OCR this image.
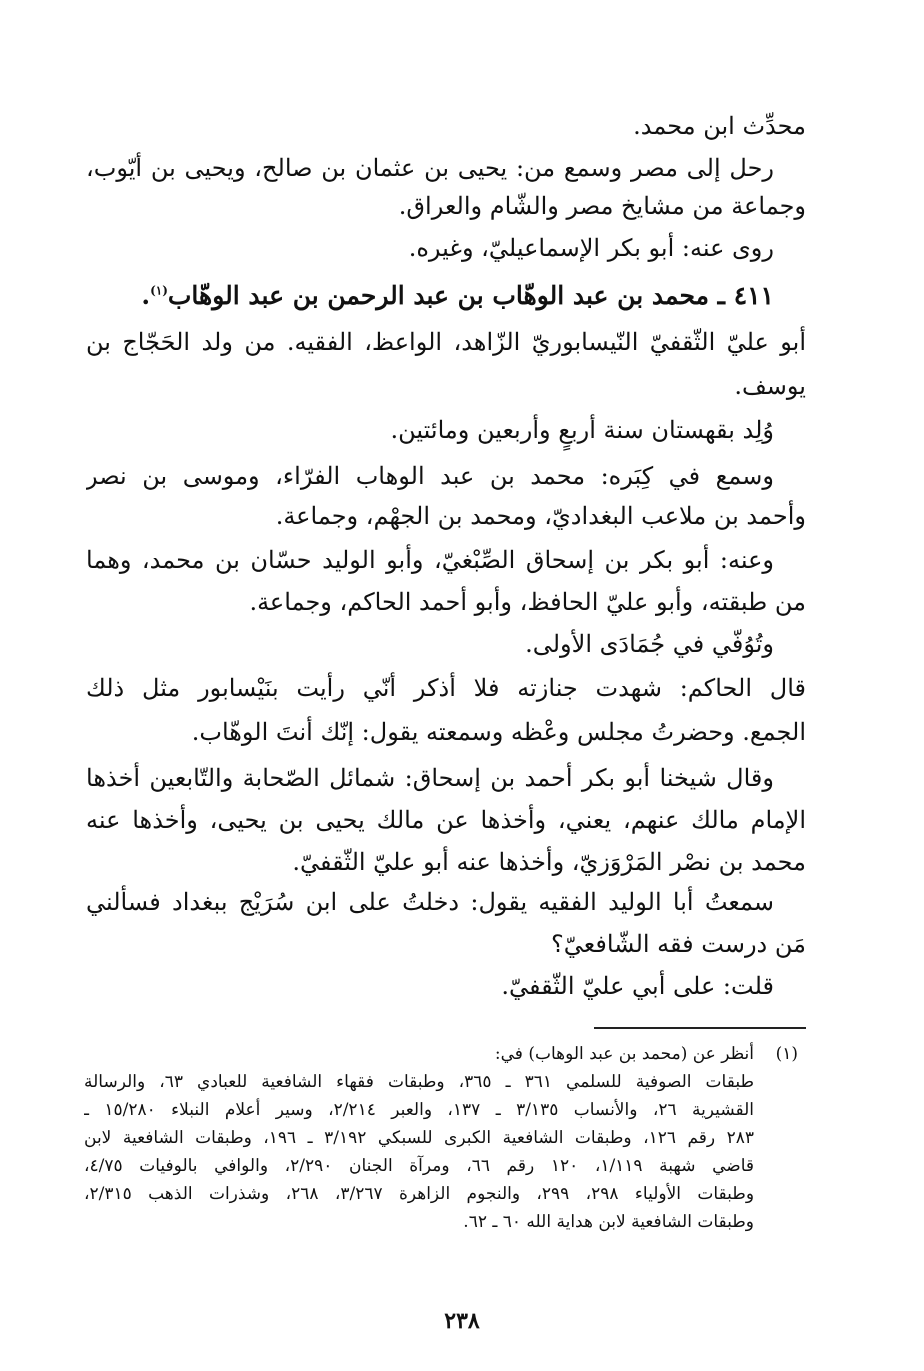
محدِّث ابن محمد.
رحل إلى مصر وسمع من: يحيى بن عثمان بن صالح، ويحيى بن أيّوب،
وجماعة من مشايخ مصر والشّام والعراق.
روى عنه: أبو بكر الإسماعيليّ، وغيره.
٤١١ ـ محمد بن عبد الوهّاب بن عبد الرحمن بن عبد الوهّاب$^{(١)}$.
أبو عليّ الثّقفيّ النّيسابوريّ الزّاهد، الواعظ، الفقيه. من ولد الحَجّاج بن
يوسف.
وُلِد بقهستان سنة أربعٍ وأربعين ومائتين.
وسمع في كِبَره: محمد بن عبد الوهاب الفرّاء، وموسى بن نصر
وأحمد بن ملاعب البغداديّ، ومحمد بن الجهْم، وجماعة.
وعنه: أبو بكر بن إسحاق الصِّبْغيّ، وأبو الوليد حسّان بن محمد، وهما
من طبقته، وأبو عليّ الحافظ، وأبو أحمد الحاكم، وجماعة.
وتُوُفّي في جُمَادَى الأولى.
قال الحاكم: شهدت جنازته فلا أذكر أنّي رأيت بنَيْسابور مثل ذلك
الجمع. وحضرتُ مجلس وعْظه وسمعته يقول: إنّك أنتَ الوهّاب.
وقال شيخنا أبو بكر أحمد بن إسحاق: شمائل الصّحابة والتّابعين أخذها
الإمام مالك عنهم، يعني، وأخذها عن مالك يحيى بن يحيى، وأخذها عنه
محمد بن نصْر المَرْوَزيّ، وأخذها عنه أبو عليّ الثّقفيّ.
سمعتُ أبا الوليد الفقيه يقول: دخلتُ على ابن سُرَيْج ببغداد فسألني
مَن درست فقه الشّافعيّ؟
قلت: على أبي عليّ الثّقفيّ.
(١)
أنظر عن (محمد بن عبد الوهاب) في:
طبقات الصوفية للسلمي ٣٦١ ـ ٣٦٥، وطبقات فقهاء الشافعية للعبادي ٦٣، والرسالة
القشيرية ٢٦، والأنساب ٣/١٣٥ ـ ١٣٧، والعبر ٢/٢١٤، وسير أعلام النبلاء ١٥/٢٨٠ ـ
٢٨٣ رقم ١٢٦، وطبقات الشافعية الكبرى للسبكي ٣/١٩٢ ـ ١٩٦، وطبقات الشافعية لابن
قاضي شهبة ١/١١٩، ١٢٠ رقم ٦٦، ومرآة الجنان ٢/٢٩٠، والوافي بالوفيات ٤/٧٥،
وطبقات الأولياء ٢٩٨، ٢٩٩، والنجوم الزاهرة ٣/٢٦٧، ٢٦٨، وشذرات الذهب ٢/٣١٥،
وطبقات الشافعية لابن هداية الله ٦٠ ـ ٦٢.
٢٣٨
